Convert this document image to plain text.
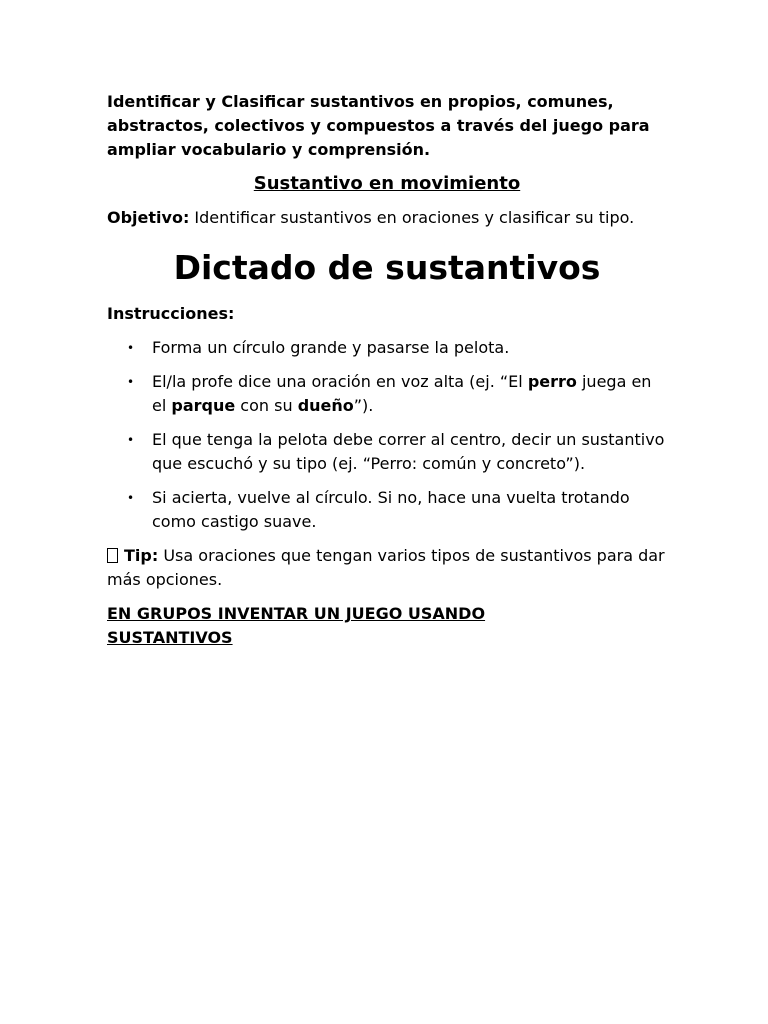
Identificar y Clasificar sustantivos en propios, comunes, abstractos, colectivos y compuestos a través del juego para ampliar vocabulario y comprensión.

Sustantivo en movimiento

Objetivo: Identificar sustantivos en oraciones y clasificar su tipo.

Dictado de sustantivos

Instrucciones:

• Forma un círculo grande y pasarse la pelota.
• El/la profe dice una oración en voz alta (ej. “El perro juega en el parque con su dueño”).
• El que tenga la pelota debe correr al centro, decir un sustantivo que escuchó y su tipo (ej. “Perro: común y concreto”).
• Si acierta, vuelve al círculo. Si no, hace una vuelta trotando como castigo suave.

Tip: Usa oraciones que tengan varios tipos de sustantivos para dar más opciones.

EN GRUPOS INVENTAR UN JUEGO USANDO SUSTANTIVOS
